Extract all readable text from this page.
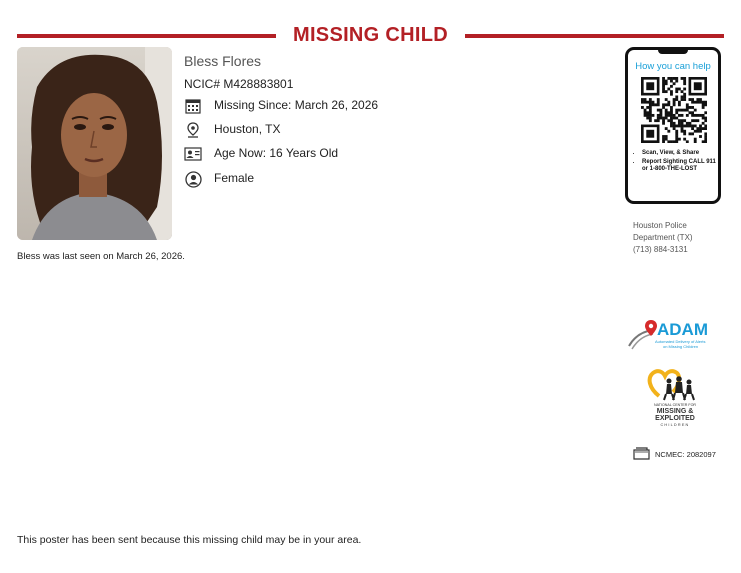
MISSING CHILD
Bless Flores
NCIC# M428883801
Missing Since: March 26, 2026
Houston, TX
Age Now: 16 Years Old
Female
Bless was last seen on March 26, 2026.
How you can help
• Scan, View, & Share
• Report Sighting CALL 911 or 1-800-THE-LOST
Houston Police
Department (TX)
(713) 884-3131
ADAM
Automated Delivery of Alerts
on Missing Children
NATIONAL CENTER FOR
MISSING &
EXPLOITED
CHILDREN
NCMEC: 2082097
This poster has been sent because this missing child may be in your area.
